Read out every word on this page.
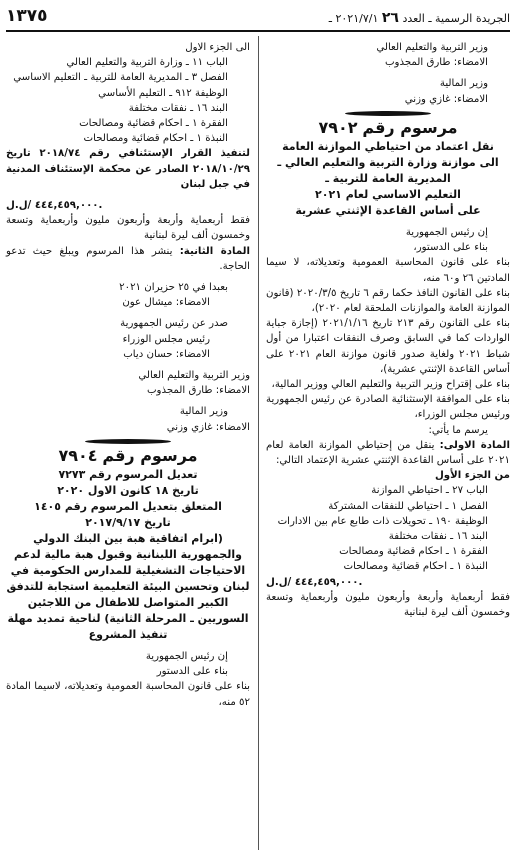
١٣٧٥	الجريدة الرسمية ـ العدد ٢٦ ٢٠٢١/٧/١ ـ

وزير التربية والتعليم العالي

الامضاء: طارق المجذوب

وزير المالية

الامضاء: غازي وزني

مرسوم رقم ٧٩٠٢

نقل اعتماد من احتياطي الموازنة العامة

الى موازنة وزارة التربية والتعليم العالي ـ

المديرية العامة للتربية ـ

التعليم الاساسي لعام ٢٠٢١

على أساس القاعدة الإثنتي عشرية

إن رئيس الجمهورية

بناء على الدستور،

بناء على قانون المحاسبة العمومية وتعديلاته، لا سيما المادتين ٢٦ و٦٠ منه،

بناء على القانون النافذ حكما رقم ٦ تاريخ ٢٠٢٠/٣/٥ (قانون الموازنة العامة والموازنات الملحقة لعام ٢٠٢٠)،

بناء على القانون رقم ٢١٣ تاريخ ٢٠٢١/١/١٦ (إجازة جباية الواردات كما في السابق وصرف النفقات اعتبارا من أول شباط ٢٠٢١ ولغاية صدور قانون موازنة العام ٢٠٢١ على أساس القاعدة الإثنتي عشرية)،

بناء على إقتراح وزير التربية والتعليم العالي ووزير المالية،

بناء على الموافقة الإستثنائية الصادرة عن رئيس الجمهورية ورئيس مجلس الوزراء،

يرسم ما يأتي:

المادة الاولى: ينقل من إحتياطي الموازنة العامة لعام ٢٠٢١ على أساس القاعدة الإثنتي عشرية الإعتماد التالي:

من الجزء الأول

الباب ٢٧ ـ احتياطي الموازنة

الفصل ١ ـ احتياطي للنفقات المشتركة

الوظيفة ١٩٠ ـ تحويلات ذات طابع عام بين الادارات

البند ١٦ ـ نفقات مختلفة

الفقرة ١ ـ احكام قضائية ومصالحات

النبذة ١ ـ احكام قضائية ومصالحات

٤٤٤,٤٥٩,٠٠٠ /ل.ل.

فقط أربعماية وأربعة وأربعون مليون وأربعماية وتسعة وخمسون ألف ليرة لبنانية

الى الجزء الاول

الباب ١١ ـ وزارة التربية والتعليم العالي

الفصل ٣ ـ المديرية العامة للتربية ـ التعليم الاساسي

الوظيفة ٩١٢ ـ التعليم الأساسي

البند ١٦ ـ نفقات مختلفة

الفقرة ١ ـ احكام قضائية ومصالحات

النبذة ١ ـ احكام قضائية ومصالحات

لتنفيذ القرار الإستئنافي رقم ٢٠١٨/٧٤ تاريخ ٢٠١٨/١٠/٢٩ الصادر عن محكمة الإستئناف المدنية في جبل لبنان

٤٤٤,٤٥٩,٠٠٠ /ل.ل.

فقط أربعماية وأربعة وأربعون مليون وأربعماية وتسعة وخمسون ألف ليرة لبنانية

المادة الثانية: ينشر هذا المرسوم ويبلغ حيث تدعو الحاجة.

بعبدا في ٢٥ حزيران ٢٠٢١

الامضاء: ميشال عون

صدر عن رئيس الجمهورية

رئيس مجلس الوزراء

الامضاء: حسان دياب

وزير التربية والتعليم العالي

الامضاء: طارق المجذوب

وزير المالية

الامضاء: غازي وزني

مرسوم رقم ٧٩٠٤

تعديل المرسوم رقم ٧٢٧٣

تاريخ ١٨ كانون الاول ٢٠٢٠

المتعلق بتعديل المرسوم رقم ١٤٠٥

تاريخ ٢٠١٧/٩/١٧

(ابرام اتفاقية هبة بين البنك الدولي والجمهورية اللبنانية وقبول هبة مالية لدعم الاحتياجات التشغيلية للمدارس الحكومية في لبنان وتحسين البيئة التعليمية استجابة للتدفق الكبير المتواصل للاطفال من اللاجئين السوريين ـ المرحلة الثانية) لناحية تمديد مهلة تنفيذ المشروع

إن رئيس الجمهورية

بناء على الدستور

بناء على قانون المحاسبة العمومية وتعديلاته، لاسيما المادة ٥٢ منه،
